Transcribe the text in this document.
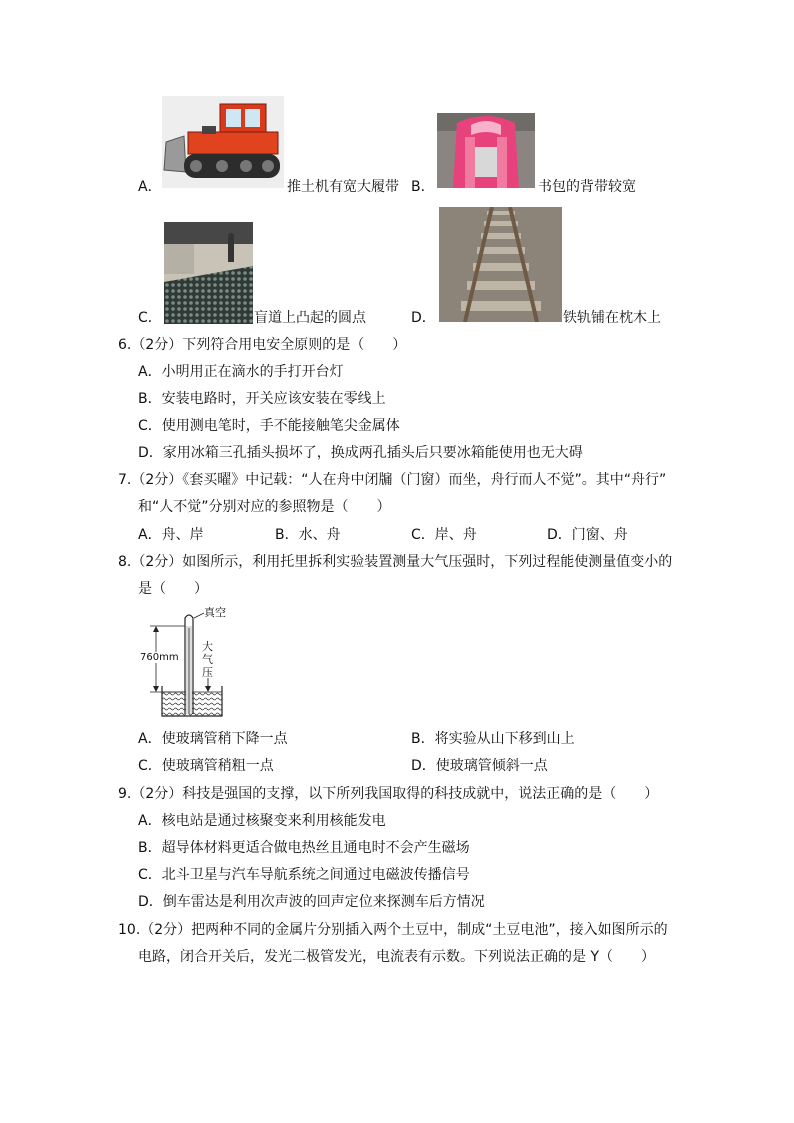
A．	推土机有宽大履带 B．	书包的背带较宽
C．	盲道上凸起的圆点	D．	铁轨铺在枕木上
6.（2分）下列符合用电安全原则的是（　　）
A．小明用正在滴水的手打开台灯
B．安装电路时，开关应该安装在零线上
C．使用测电笔时，手不能接触笔尖金属体
D．家用冰箱三孔插头损坏了，换成两孔插头后只要冰箱能使用也无大碍
7.（2分）《套买曜》中记载：“人在舟中闭牖（门窗）而坐，舟行而人不觉”。其中“舟行”
和“人不觉”分别对应的参照物是（　　）
A．舟、岸	B．水、舟	C．岸、舟	D．门窗、舟
8.（2分）如图所示，利用托里拆利实验装置测量大气压强时，下列过程能使测量值变小的
是（　　）
真空
760mm
大
气
压
A．使玻璃管稍下降一点	B．将实验从山下移到山上
C．使玻璃管稍粗一点	D．使玻璃管倾斜一点
9.（2分）科技是强国的支撑，以下所列我国取得的科技成就中，说法正确的是（　　）
A．核电站是通过核聚变来利用核能发电
B．超导体材料更适合做电热丝且通电时不会产生磁场
C．北斗卫星与汽车导航系统之间通过电磁波传播信号
D．倒车雷达是利用次声波的回声定位来探测车后方情况
10.（2分）把两种不同的金属片分别插入两个土豆中，制成“土豆电池”，接入如图所示的
电路，闭合开关后，发光二极管发光，电流表有示数。下列说法正确的是 Y（　　）
